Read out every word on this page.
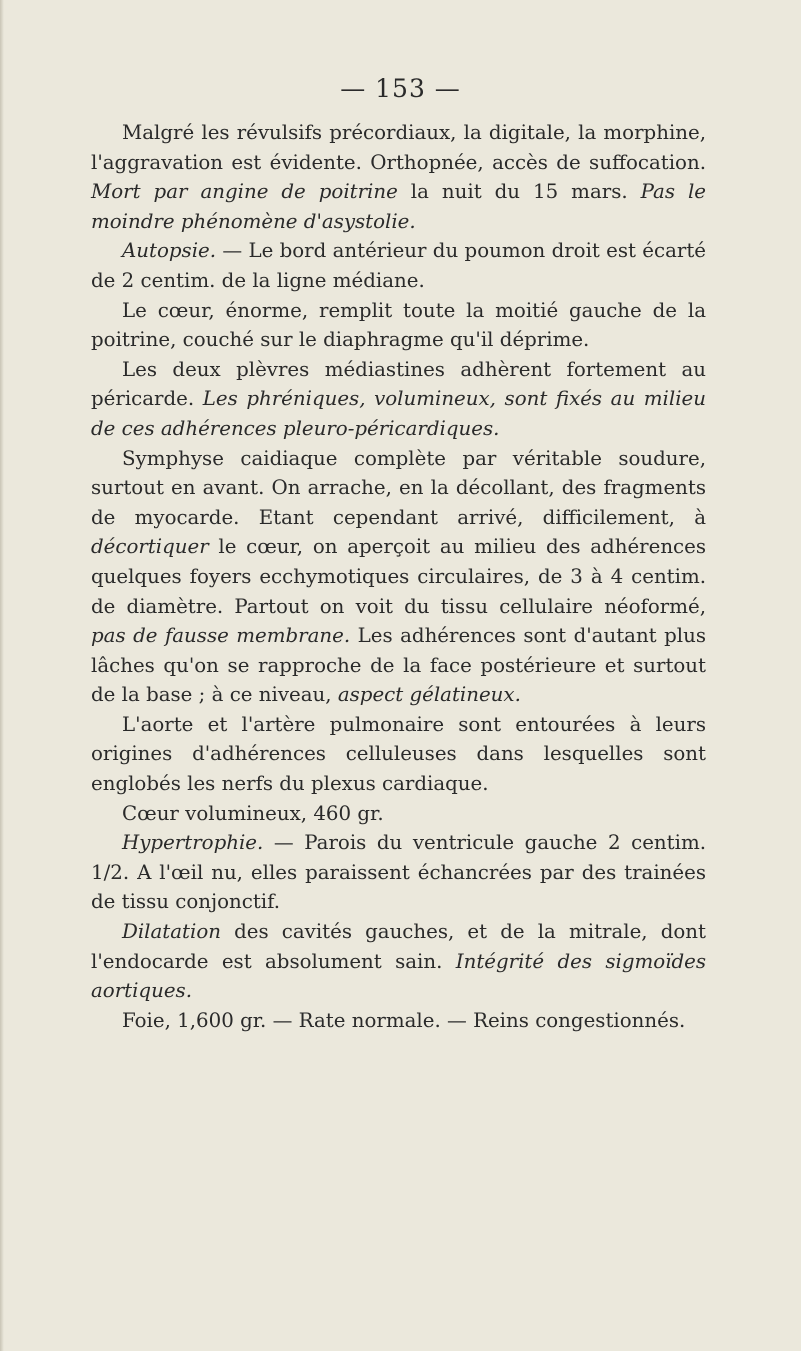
— 153 —

Malgré les révulsifs précordiaux, la digitale, la morphine, l'aggravation est évidente. Orthopnée, accès de suffocation. Mort par angine de poitrine la nuit du 15 mars. Pas le moindre phénomène d'asystolie.

Autopsie. — Le bord antérieur du poumon droit est écarté de 2 centim. de la ligne médiane.

Le cœur, énorme, remplit toute la moitié gauche de la poitrine, couché sur le diaphragme qu'il déprime.

Les deux plèvres médiastines adhèrent fortement au péricarde. Les phréniques, volumineux, sont fixés au milieu de ces adhérences pleuro-péricardiques.

Symphyse caidiaque complète par véritable soudure, surtout en avant. On arrache, en la décollant, des fragments de myocarde. Etant cependant arrivé, difficilement, à décortiquer le cœur, on aperçoit au milieu des adhérences quelques foyers ecchymotiques circulaires, de 3 à 4 centim. de diamètre. Partout on voit du tissu cellulaire néoformé, pas de fausse membrane. Les adhérences sont d'autant plus lâches qu'on se rapproche de la face postérieure et surtout de la base ; à ce niveau, aspect gélatineux.

L'aorte et l'artère pulmonaire sont entourées à leurs origines d'adhérences celluleuses dans lesquelles sont englobés les nerfs du plexus cardiaque.

Cœur volumineux, 460 gr.

Hypertrophie. — Parois du ventricule gauche 2 centim. 1/2. A l'œil nu, elles paraissent échancrées par des trainées de tissu conjonctif.

Dilatation des cavités gauches, et de la mitrale, dont l'endocarde est absolument sain. Intégrité des sigmoïdes aortiques.

Foie, 1,600 gr. — Rate normale. — Reins congestionnés.
